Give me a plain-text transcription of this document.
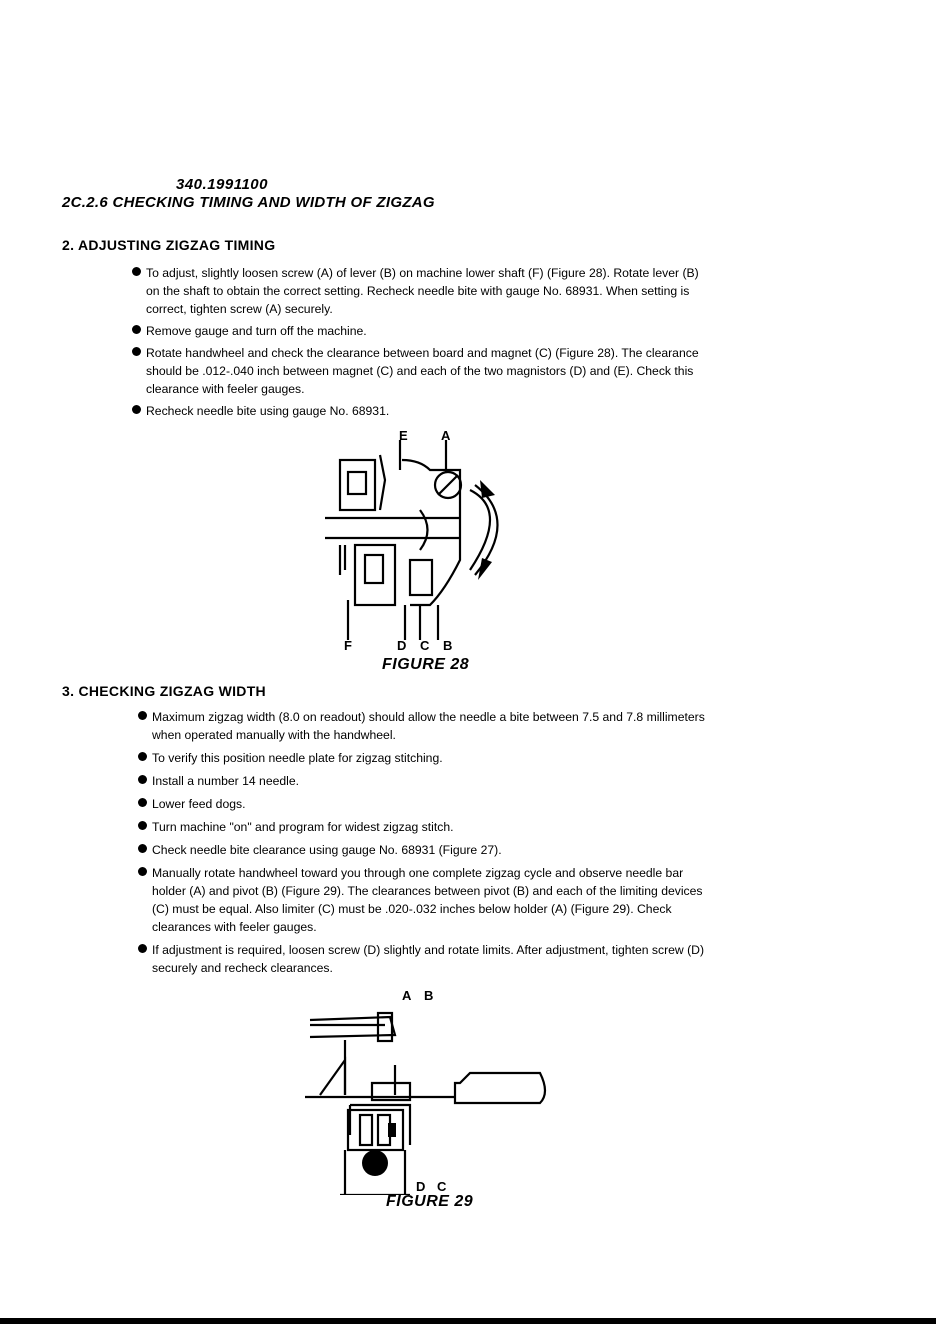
340.1991100
2C.2.6 CHECKING TIMING AND WIDTH OF ZIGZAG
2. ADJUSTING ZIGZAG TIMING
To adjust, slightly loosen screw (A) of lever (B) on machine lower shaft (F) (Figure 28). Rotate lever (B) on the shaft to obtain the correct setting. Recheck needle bite with gauge No. 68931. When setting is correct, tighten screw (A) securely.
Remove gauge and turn off the machine.
Rotate handwheel and check the clearance between board and magnet (C) (Figure 28). The clearance should be .012-.040 inch between magnet (C) and each of the two magnistors (D) and (E). Check this clearance with feeler gauges.
Recheck needle bite using gauge No. 68931.
E	A
F	D C B
FIGURE 28
3. CHECKING ZIGZAG WIDTH
Maximum zigzag width (8.0 on readout) should allow the needle a bite between 7.5 and 7.8 millimeters when operated manually with the handwheel.
To verify this position needle plate for zigzag stitching.
Install a number 14 needle.
Lower feed dogs.
Turn machine "on" and program for widest zigzag stitch.
Check needle bite clearance using gauge No. 68931 (Figure 27).
Manually rotate handwheel toward you through one complete zigzag cycle and observe needle bar holder (A) and pivot (B) (Figure 29). The clearances between pivot (B) and each of the limiting devices (C) must be equal. Also limiter (C) must be .020-.032 inches below holder (A) (Figure 29). Check clearances with feeler gauges.
If adjustment is required, loosen screw (D) slightly and rotate limits. After adjustment, tighten screw (D) securely and recheck clearances.
A B
D C
FIGURE 29
